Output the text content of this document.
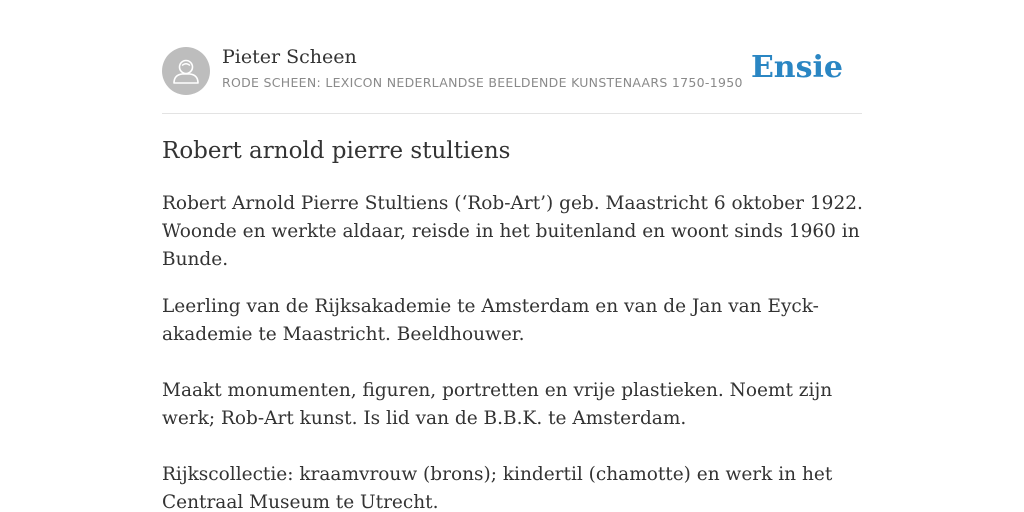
Pieter Scheen
RODE SCHEEN: LEXICON NEDERLANDSE BEELDENDE KUNSTENAARS 1750-1950 Ensie
Robert arnold pierre stultiens

Robert Arnold Pierre Stultiens (‘Rob-Art’) geb. Maastricht 6 oktober 1922. Woonde en werkte aldaar, reisde in het buitenland en woont sinds 1960 in Bunde.

Leerling van de Rijksakademie te Amsterdam en van de Jan van Eyck-akademie te Maastricht. Beeldhouwer.

Maakt monumenten, figuren, portretten en vrije plastieken. Noemt zijn werk; Rob-Art kunst. Is lid van de B.B.K. te Amsterdam.

Rijkscollectie: kraamvrouw (brons); kindertil (chamotte) en werk in het Centraal Museum te Utrecht.
